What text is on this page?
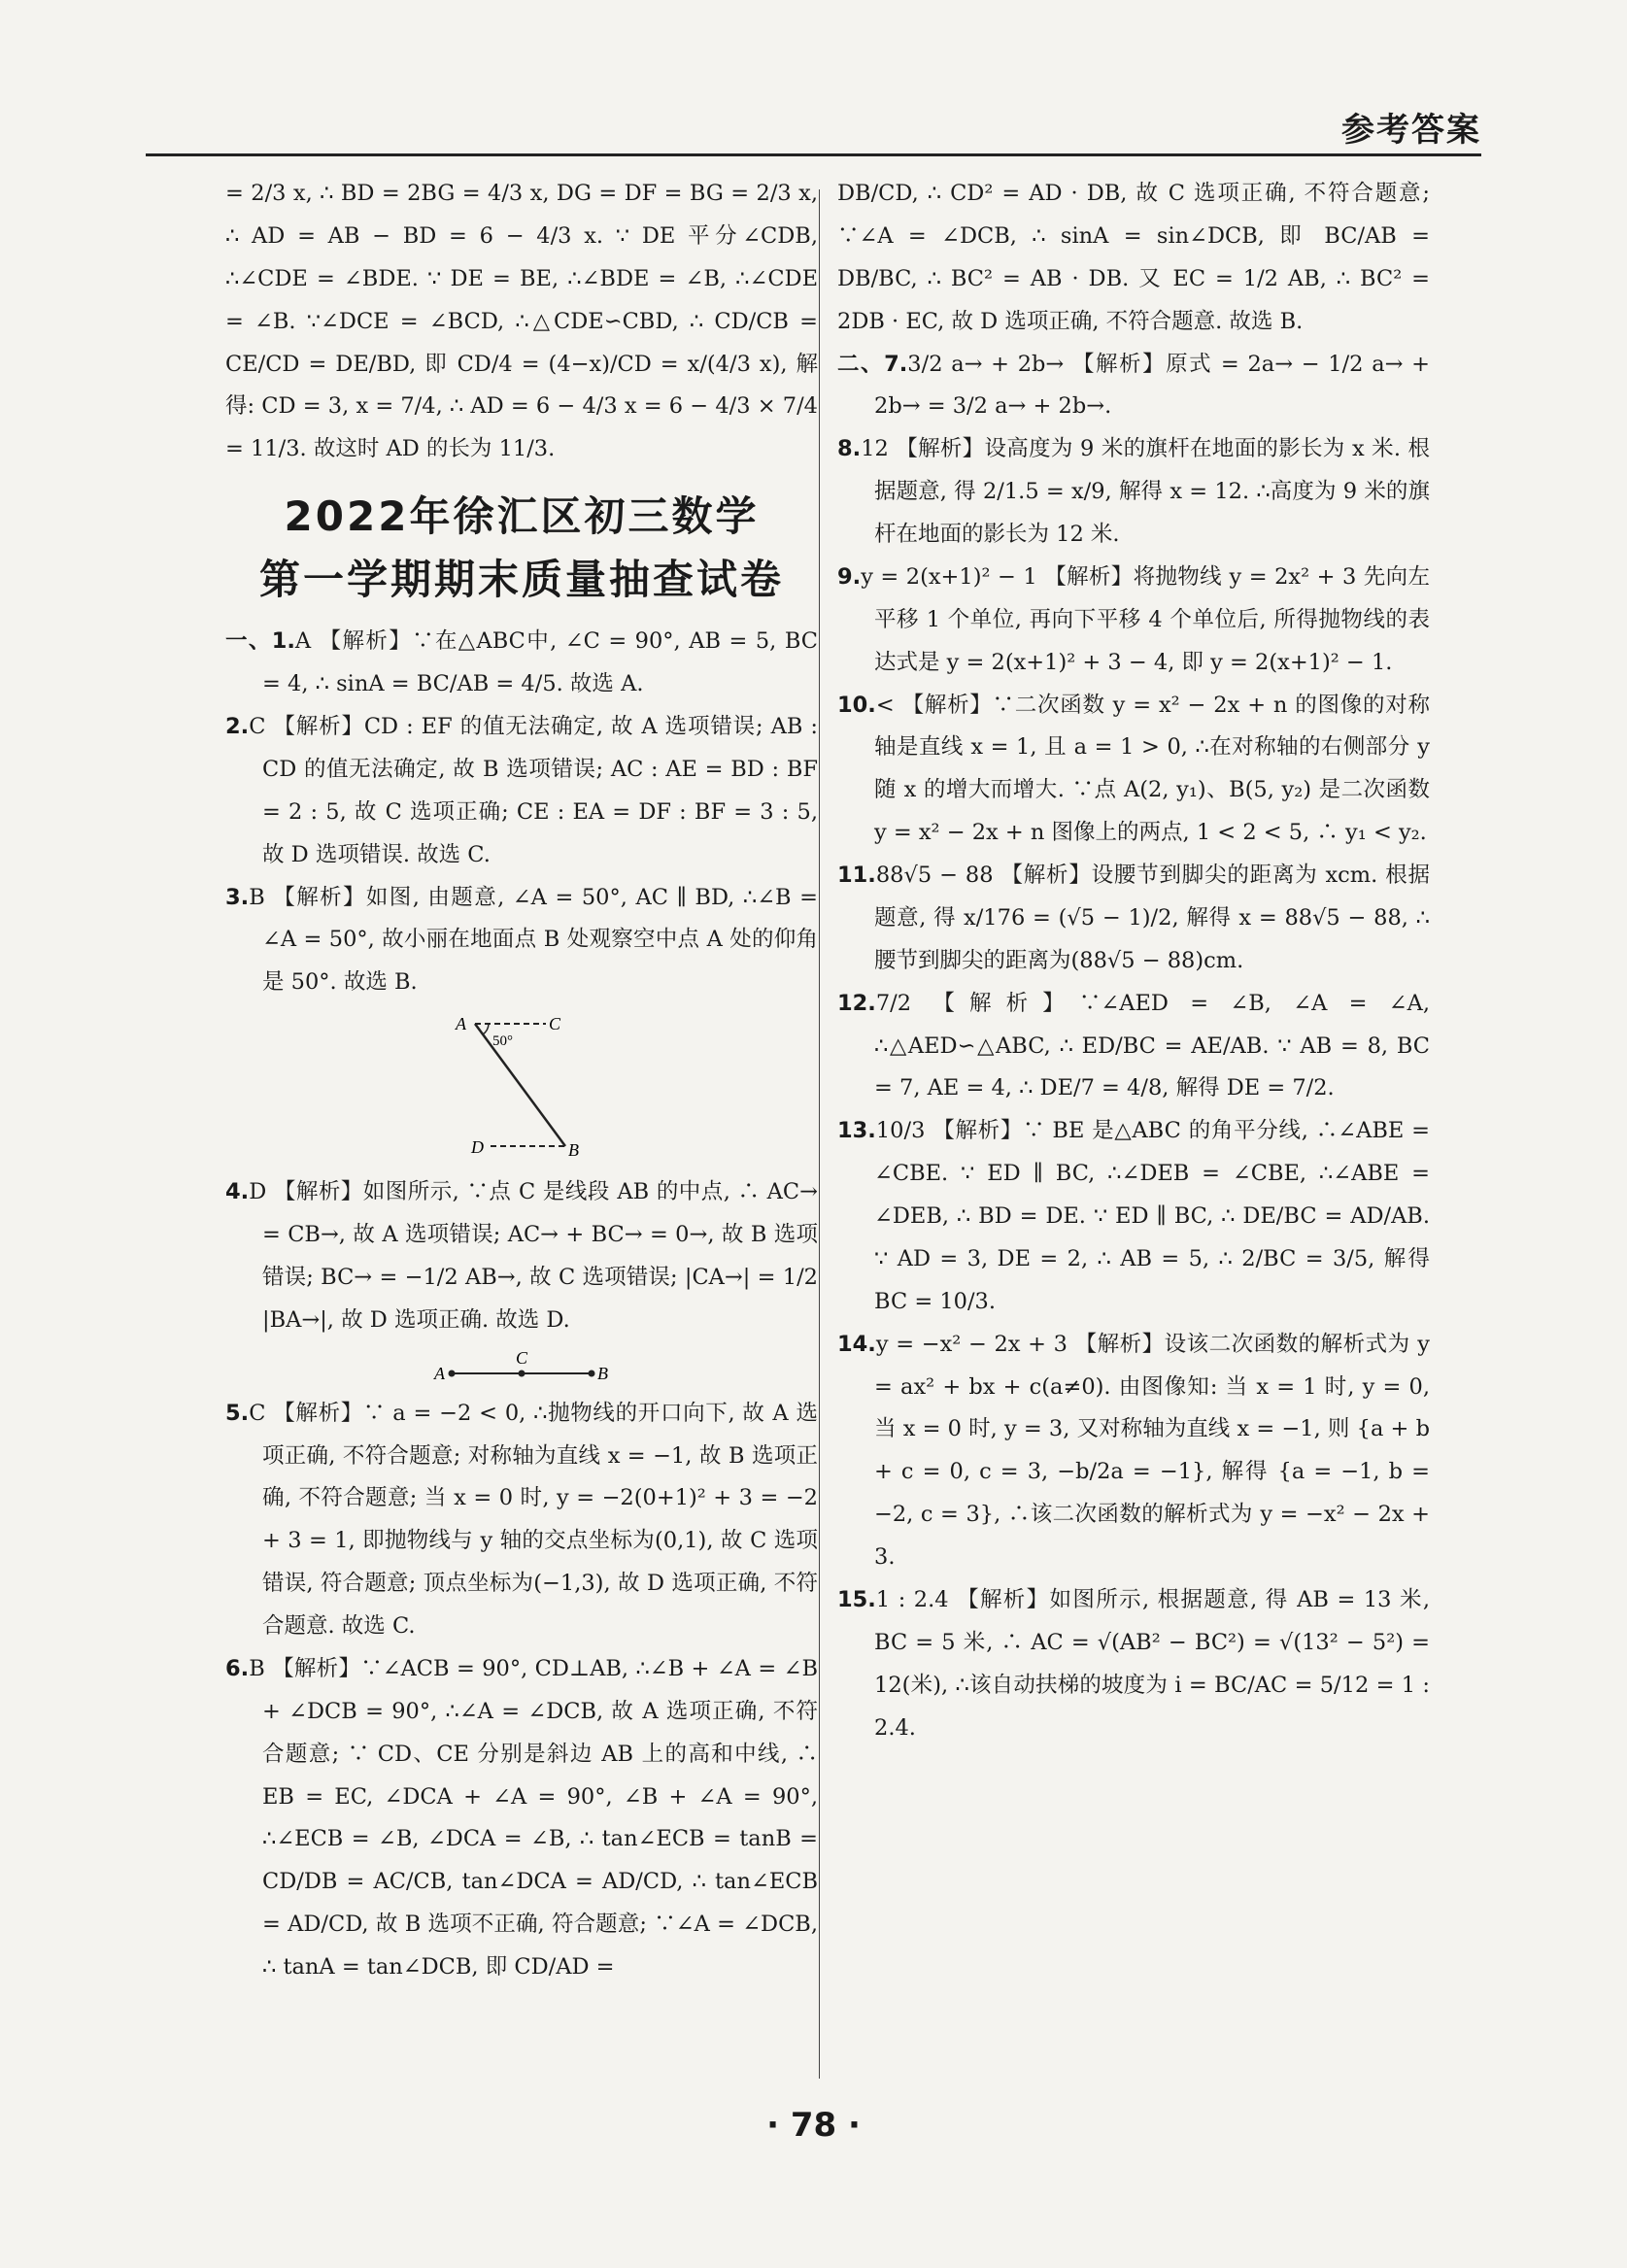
参考答案

= 2/3 x, ∴ BD = 2BG = 4/3 x, DG = DF = BG = 2/3 x, ∴ AD = AB − BD = 6 − 4/3 x. ∵ DE 平分∠CDB, ∴∠CDE = ∠BDE. ∵ DE = BE, ∴∠BDE = ∠B, ∴∠CDE = ∠B. ∵∠DCE = ∠BCD, ∴△CDE∽CBD, ∴ CD/CB = CE/CD = DE/BD, 即 CD/4 = (4−x)/CD = x/(4/3 x), 解得: CD = 3, x = 7/4, ∴ AD = 6 − 4/3 x = 6 − 4/3 × 7/4 = 11/3. 故这时 AD 的长为 11/3.

2022年徐汇区初三数学
第一学期期末质量抽查试卷

一、1.A 【解析】∵在△ABC中, ∠C = 90°, AB = 5, BC = 4, ∴ sinA = BC/AB = 4/5. 故选 A.

2.C 【解析】CD : EF 的值无法确定, 故 A 选项错误; AB : CD 的值无法确定, 故 B 选项错误; AC : AE = BD : BF = 2 : 5, 故 C 选项正确; CE : EA = DF : BF = 3 : 5, 故 D 选项错误. 故选 C.

3.B 【解析】如图, 由题意, ∠A = 50°, AC ∥ BD, ∴∠B = ∠A = 50°, 故小丽在地面点 B 处观察空中点 A 处的仰角是 50°. 故选 B.

A	C
50°
D	B

4.D 【解析】如图所示, ∵点 C 是线段 AB 的中点, ∴ AC→ = CB→, 故 A 选项错误; AC→ + BC→ = 0→, 故 B 选项错误; BC→ = −1/2 AB→, 故 C 选项错误; |CA→| = 1/2 |BA→|, 故 D 选项正确. 故选 D.

A
C
B

5.C 【解析】∵ a = −2 < 0, ∴抛物线的开口向下, 故 A 选项正确, 不符合题意; 对称轴为直线 x = −1, 故 B 选项正确, 不符合题意; 当 x = 0 时, y = −2(0+1)² + 3 = −2 + 3 = 1, 即抛物线与 y 轴的交点坐标为(0,1), 故 C 选项错误, 符合题意; 顶点坐标为(−1,3), 故 D 选项正确, 不符合题意. 故选 C.

6.B 【解析】∵∠ACB = 90°, CD⊥AB, ∴∠B + ∠A = ∠B + ∠DCB = 90°, ∴∠A = ∠DCB, 故 A 选项正确, 不符合题意; ∵ CD、CE 分别是斜边 AB 上的高和中线, ∴ EB = EC, ∠DCA + ∠A = 90°, ∠B + ∠A = 90°, ∴∠ECB = ∠B, ∠DCA = ∠B, ∴ tan∠ECB = tanB = CD/DB = AC/CB, tan∠DCA = AD/CD, ∴ tan∠ECB = AD/CD, 故 B 选项不正确, 符合题意; ∵∠A = ∠DCB, ∴ tanA = tan∠DCB, 即 CD/AD =

DB/CD, ∴ CD² = AD · DB, 故 C 选项正确, 不符合题意; ∵∠A = ∠DCB, ∴ sinA = sin∠DCB, 即 BC/AB = DB/BC, ∴ BC² = AB · DB. 又 EC = 1/2 AB, ∴ BC² = 2DB · EC, 故 D 选项正确, 不符合题意. 故选 B.

二、7.3/2 a→ + 2b→ 【解析】原式 = 2a→ − 1/2 a→ + 2b→ = 3/2 a→ + 2b→.

8.12 【解析】设高度为 9 米的旗杆在地面的影长为 x 米. 根据题意, 得 2/1.5 = x/9, 解得 x = 12. ∴高度为 9 米的旗杆在地面的影长为 12 米.

9.y = 2(x+1)² − 1 【解析】将抛物线 y = 2x² + 3 先向左平移 1 个单位, 再向下平移 4 个单位后, 所得抛物线的表达式是 y = 2(x+1)² + 3 − 4, 即 y = 2(x+1)² − 1.

10.< 【解析】∵二次函数 y = x² − 2x + n 的图像的对称轴是直线 x = 1, 且 a = 1 > 0, ∴在对称轴的右侧部分 y 随 x 的增大而增大. ∵点 A(2, y₁)、B(5, y₂) 是二次函数 y = x² − 2x + n 图像上的两点, 1 < 2 < 5, ∴ y₁ < y₂.

11.88√5 − 88 【解析】设腰节到脚尖的距离为 xcm. 根据题意, 得 x/176 = (√5 − 1)/2, 解得 x = 88√5 − 88, ∴腰节到脚尖的距离为(88√5 − 88)cm.

12.7/2 【解析】∵∠AED = ∠B, ∠A = ∠A, ∴△AED∽△ABC, ∴ ED/BC = AE/AB. ∵ AB = 8, BC = 7, AE = 4, ∴ DE/7 = 4/8, 解得 DE = 7/2.

13.10/3 【解析】∵ BE 是△ABC 的角平分线, ∴∠ABE = ∠CBE. ∵ ED ∥ BC, ∴∠DEB = ∠CBE, ∴∠ABE = ∠DEB, ∴ BD = DE. ∵ ED ∥ BC, ∴ DE/BC = AD/AB. ∵ AD = 3, DE = 2, ∴ AB = 5, ∴ 2/BC = 3/5, 解得 BC = 10/3.

14.y = −x² − 2x + 3 【解析】设该二次函数的解析式为 y = ax² + bx + c(a≠0). 由图像知: 当 x = 1 时, y = 0, 当 x = 0 时, y = 3, 又对称轴为直线 x = −1, 则 {a + b + c = 0, c = 3, −b/2a = −1}, 解得 {a = −1, b = −2, c = 3}, ∴该二次函数的解析式为 y = −x² − 2x + 3.

15.1 : 2.4 【解析】如图所示, 根据题意, 得 AB = 13 米, BC = 5 米, ∴ AC = √(AB² − BC²) = √(13² − 5²) = 12(米), ∴该自动扶梯的坡度为 i = BC/AC = 5/12 = 1 : 2.4.

· 78 ·
